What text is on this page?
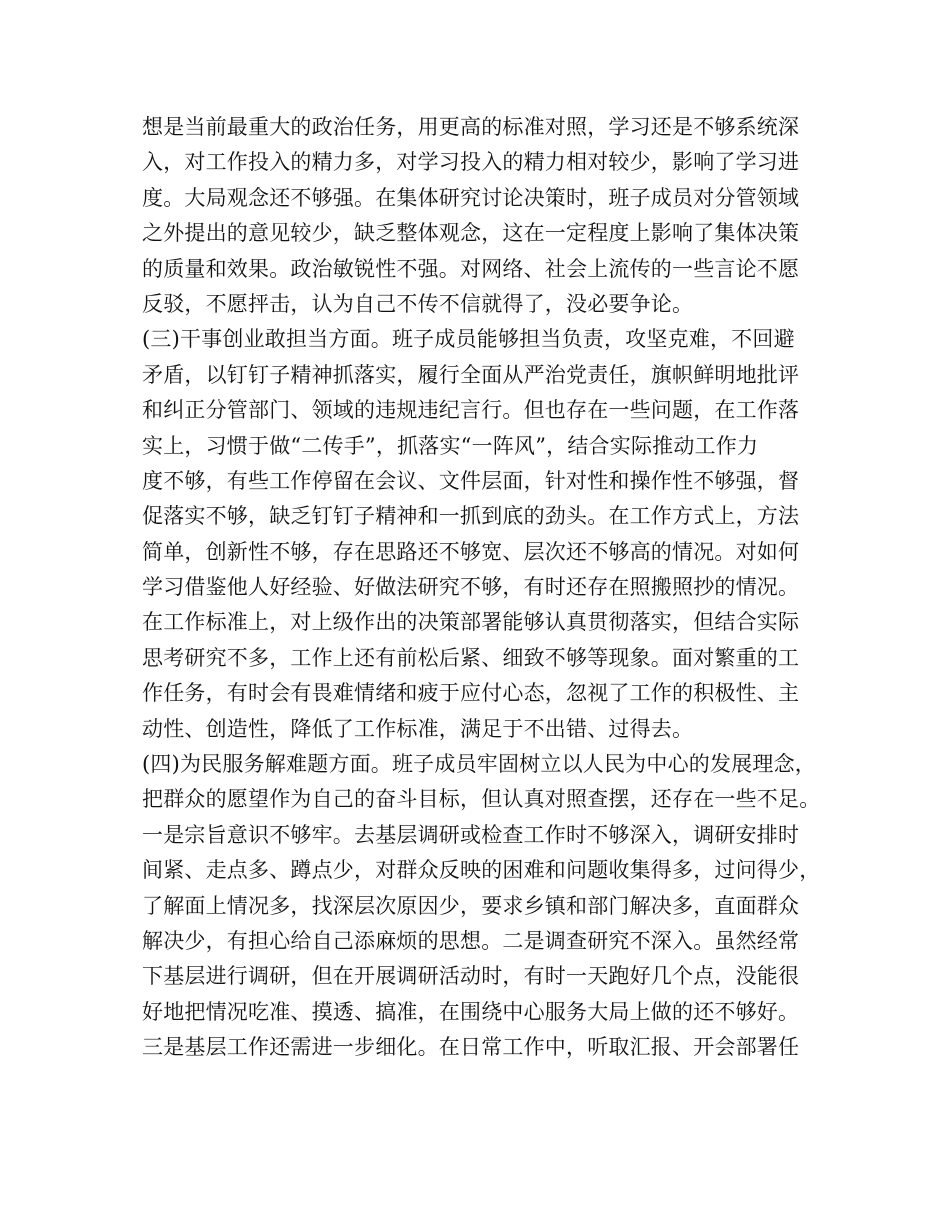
想是当前最重大的政治任务，用更高的标准对照，学习还是不够系统深
入，对工作投入的精力多，对学习投入的精力相对较少，影响了学习进
度。大局观念还不够强。在集体研究讨论决策时，班子成员对分管领域
之外提出的意见较少，缺乏整体观念，这在一定程度上影响了集体决策
的质量和效果。政治敏锐性不强。对网络、社会上流传的一些言论不愿
反驳，不愿抨击，认为自己不传不信就得了，没必要争论。
(三)干事创业敢担当方面。班子成员能够担当负责，攻坚克难，不回避
矛盾，以钉钉子精神抓落实，履行全面从严治党责任，旗帜鲜明地批评
和纠正分管部门、领域的违规违纪言行。但也存在一些问题，在工作落
实上，习惯于做“二传手”，抓落实“一阵风”，结合实际推动工作力
度不够，有些工作停留在会议、文件层面，针对性和操作性不够强，督
促落实不够，缺乏钉钉子精神和一抓到底的劲头。在工作方式上，方法
简单，创新性不够，存在思路还不够宽、层次还不够高的情况。对如何
学习借鉴他人好经验、好做法研究不够，有时还存在照搬照抄的情况。
在工作标准上，对上级作出的决策部署能够认真贯彻落实，但结合实际
思考研究不多，工作上还有前松后紧、细致不够等现象。面对繁重的工
作任务，有时会有畏难情绪和疲于应付心态，忽视了工作的积极性、主
动性、创造性，降低了工作标准，满足于不出错、过得去。
(四)为民服务解难题方面。班子成员牢固树立以人民为中心的发展理念，
把群众的愿望作为自己的奋斗目标，但认真对照查摆，还存在一些不足。
一是宗旨意识不够牢。去基层调研或检查工作时不够深入，调研安排时
间紧、走点多、蹲点少，对群众反映的困难和问题收集得多，过问得少，
了解面上情况多，找深层次原因少，要求乡镇和部门解决多，直面群众
解决少，有担心给自己添麻烦的思想。二是调查研究不深入。虽然经常
下基层进行调研，但在开展调研活动时，有时一天跑好几个点，没能很
好地把情况吃准、摸透、搞准，在围绕中心服务大局上做的还不够好。
三是基层工作还需进一步细化。在日常工作中，听取汇报、开会部署任
